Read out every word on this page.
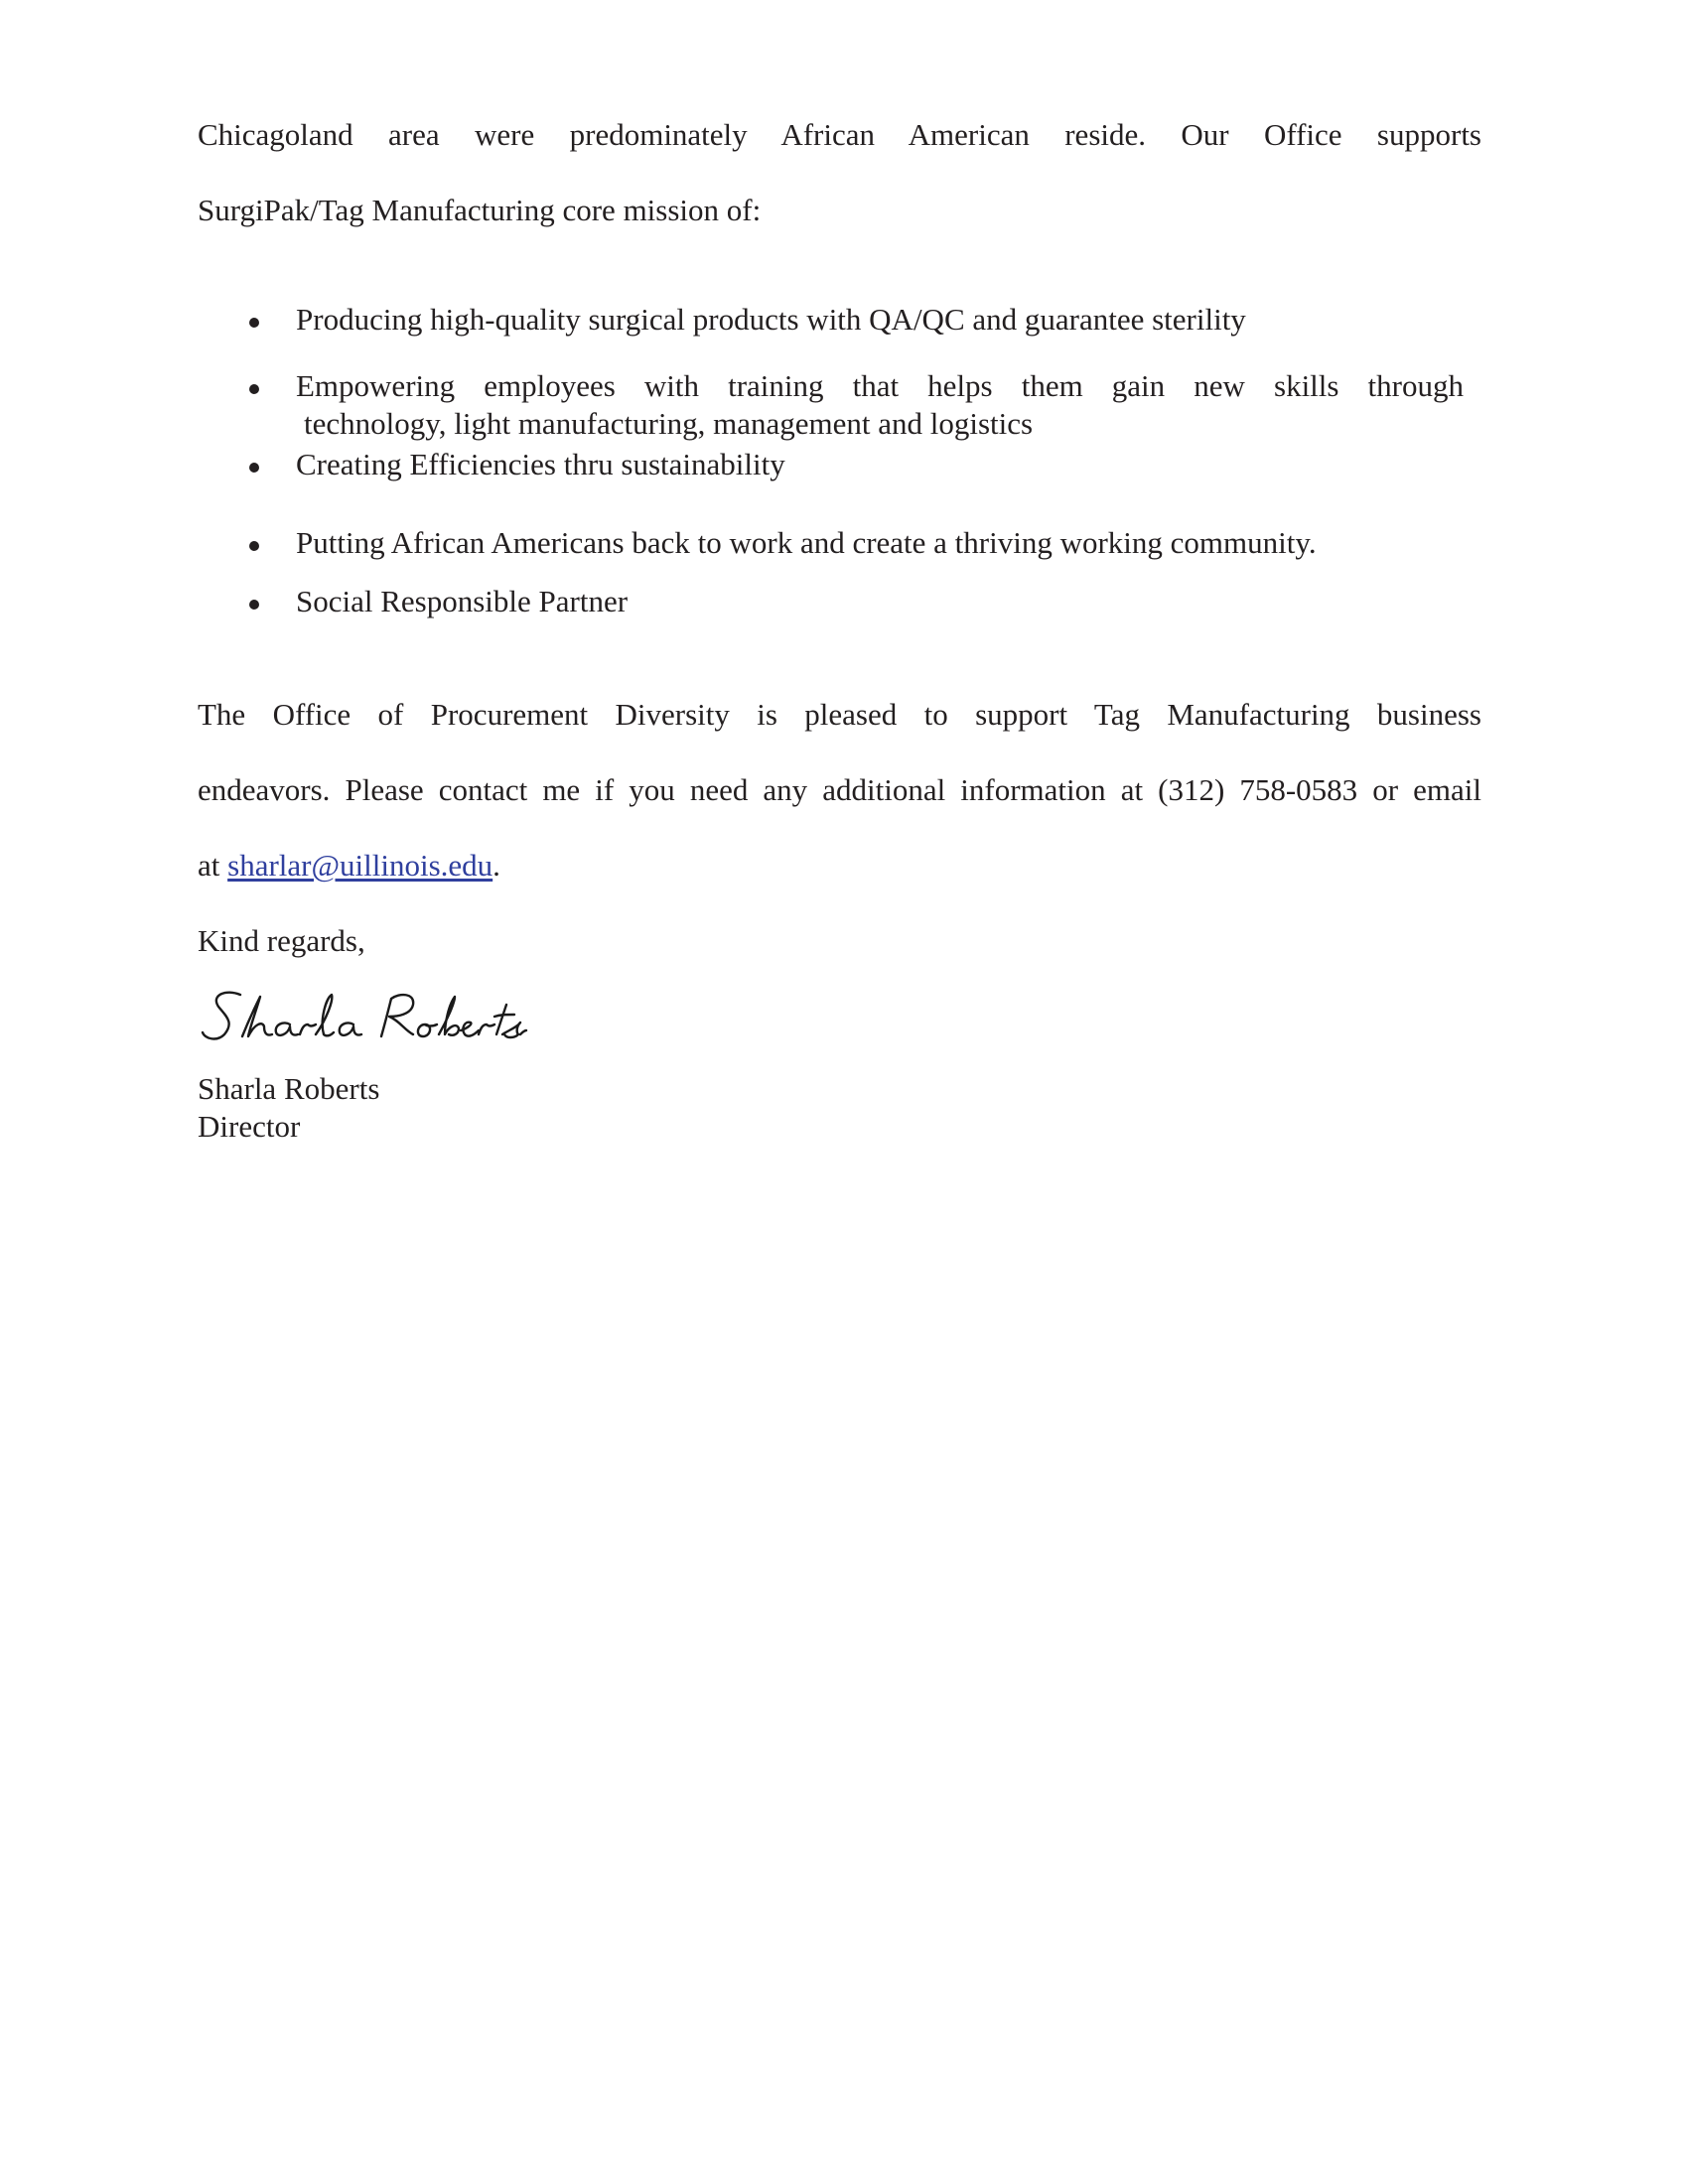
Chicagoland area were predominately African American reside. Our Office supports
SurgiPak/Tag Manufacturing core mission of:
Producing high-quality surgical products with QA/QC and guarantee sterility
Empowering employees with training that helps them gain new skills through
technology, light manufacturing, management and logistics
Creating Efficiencies thru sustainability
Putting African Americans back to work and create a thriving working community.
Social Responsible Partner
The Office of Procurement Diversity is pleased to support Tag Manufacturing business
endeavors. Please contact me if you need any additional information at (312) 758-0583 or email
at sharlar@uillinois.edu.
Kind regards,
Sharla Roberts
Director
